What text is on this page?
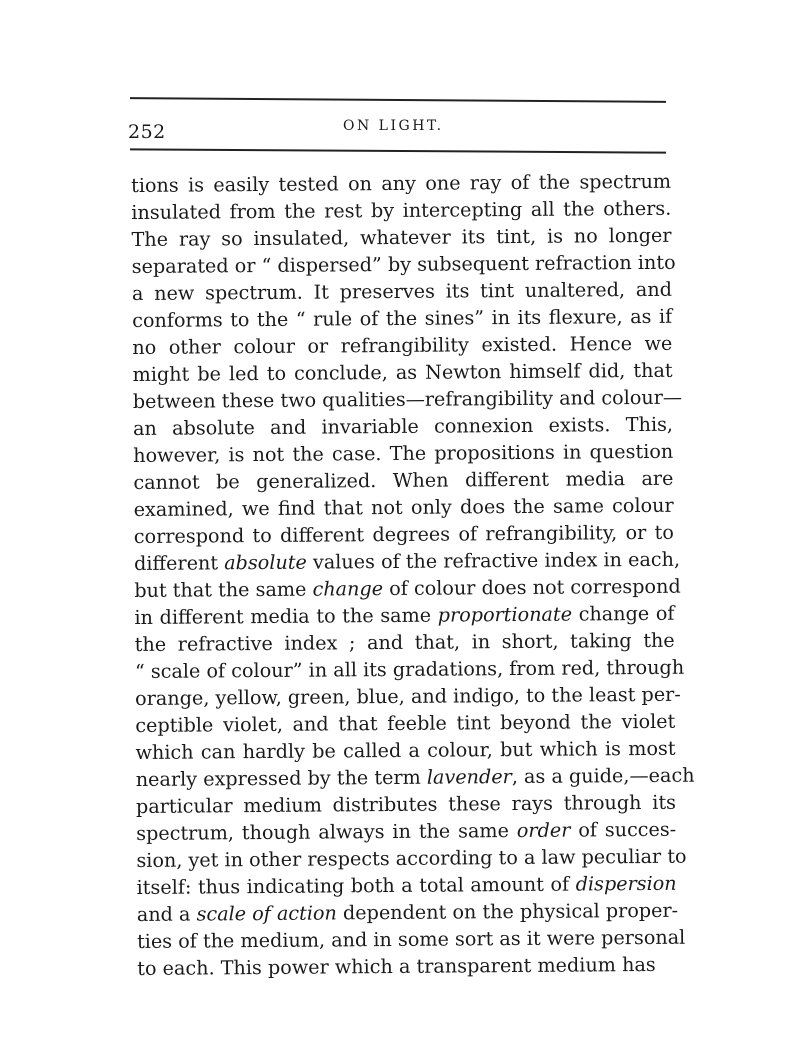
252	ON LIGHT.
tions is easily tested on any one ray of the spectrum
insulated from the rest by intercepting all the others.
The ray so insulated, whatever its tint, is no longer
separated or “ dispersed” by subsequent refraction into
a new spectrum. It preserves its tint unaltered, and
conforms to the “ rule of the sines” in its flexure, as if
no other colour or refrangibility existed. Hence we
might be led to conclude, as Newton himself did, that
between these two qualities—refrangibility and colour—
an absolute and invariable connexion exists. This,
however, is not the case. The propositions in question
cannot be generalized. When different media are
examined, we find that not only does the same colour
correspond to different degrees of refrangibility, or to
different absolute values of the refractive index in each,
but that the same change of colour does not correspond
in different media to the same proportionate change of
the refractive index ; and that, in short, taking the
“ scale of colour” in all its gradations, from red, through
orange, yellow, green, blue, and indigo, to the least per-
ceptible violet, and that feeble tint beyond the violet
which can hardly be called a colour, but which is most
nearly expressed by the term lavender, as a guide,—each
particular medium distributes these rays through its
spectrum, though always in the same order of succes-
sion, yet in other respects according to a law peculiar to
itself: thus indicating both a total amount of dispersion
and a scale of action dependent on the physical proper-
ties of the medium, and in some sort as it were personal
to each. This power which a transparent medium has
